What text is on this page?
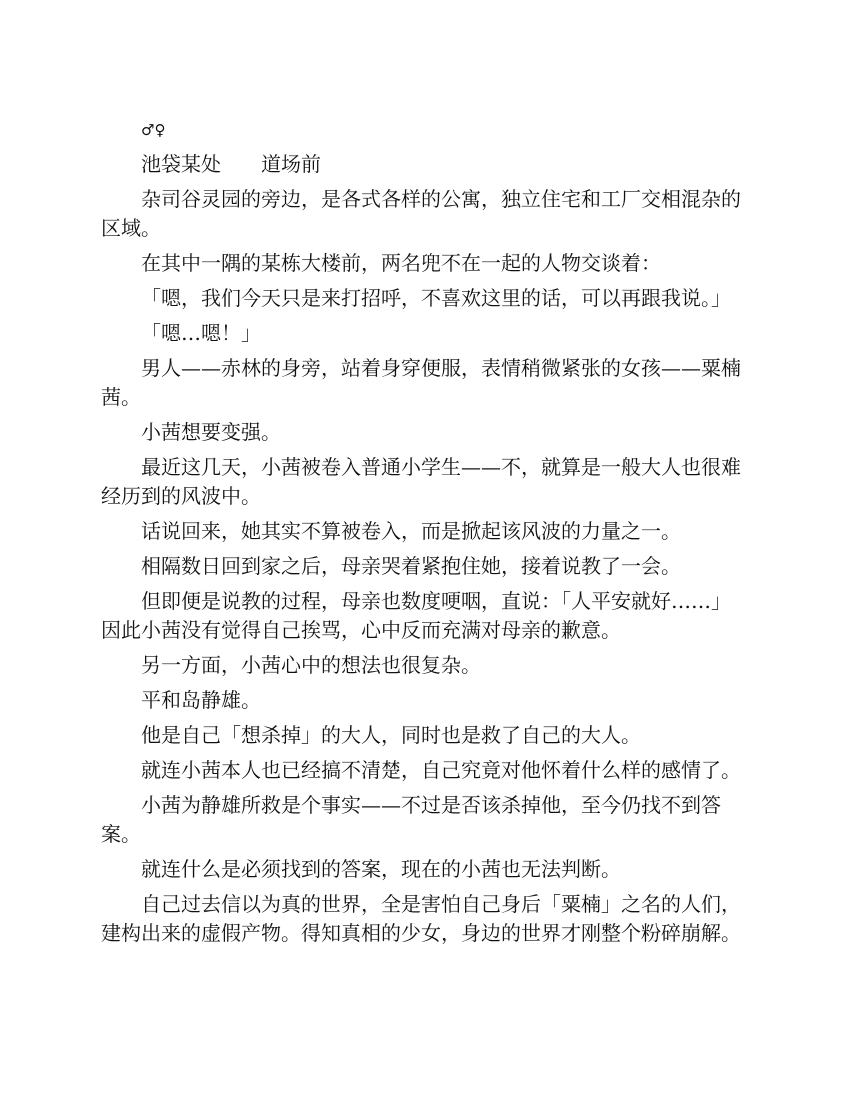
♂♀
池袋某处　　道场前

杂司谷灵园的旁边，是各式各样的公寓，独立住宅和工厂交相混杂的区域。

在其中一隅的某栋大楼前，两名兜不在一起的人物交谈着：

「嗯，我们今天只是来打招呼，不喜欢这里的话，可以再跟我说。」

「嗯…嗯！」

男人——赤林的身旁，站着身穿便服，表情稍微紧张的女孩——粟楠茜。

小茜想要变强。

最近这几天，小茜被卷入普通小学生——不，就算是一般大人也很难经历到的风波中。

话说回来，她其实不算被卷入，而是掀起该风波的力量之一。

相隔数日回到家之后，母亲哭着紧抱住她，接着说教了一会。

但即便是说教的过程，母亲也数度哽咽，直说：「人平安就好……」因此小茜没有觉得自己挨骂，心中反而充满对母亲的歉意。

另一方面，小茜心中的想法也很复杂。

平和岛静雄。

他是自己「想杀掉」的大人，同时也是救了自己的大人。

就连小茜本人也已经搞不清楚，自己究竟对他怀着什么样的感情了。

小茜为静雄所救是个事实——不过是否该杀掉他，至今仍找不到答案。

就连什么是必须找到的答案，现在的小茜也无法判断。

自己过去信以为真的世界，全是害怕自己身后「粟楠」之名的人们，建构出来的虚假产物。得知真相的少女，身边的世界才刚整个粉碎崩解。
